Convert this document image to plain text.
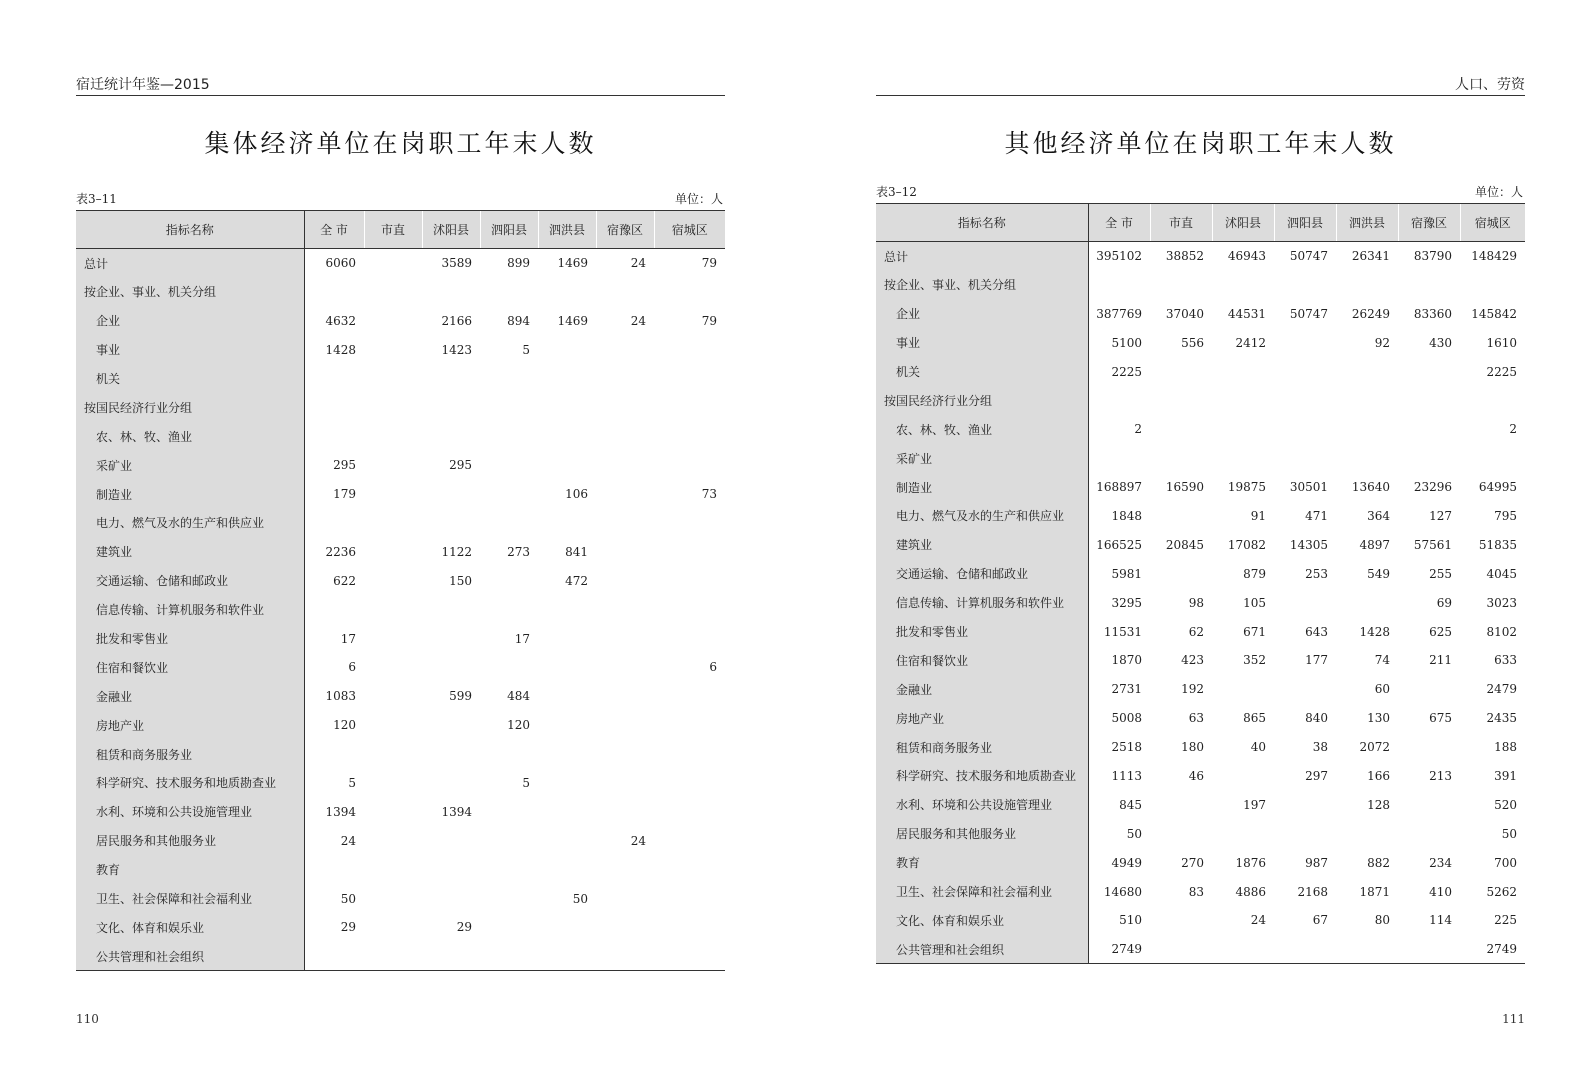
宿迁统计年鉴—2015
集体经济单位在岗职工年末人数
表3–11	单位：人
指标名称	全 市	市直	沭阳县	泗阳县	泗洪县	宿豫区	宿城区
总计	6060		3589	899	1469	24	79
按企业、事业、机关分组							
企业	4632		2166	894	1469	24	79
事业	1428		1423	5			
机关							
按国民经济行业分组							
农、林、牧、渔业							
采矿业	295		295				
制造业	179				106		73
电力、燃气及水的生产和供应业							
建筑业	2236		1122	273	841		
交通运输、仓储和邮政业	622		150		472		
信息传输、计算机服务和软件业							
批发和零售业	17			17			
住宿和餐饮业	6						6
金融业	1083		599	484			
房地产业	120			120			
租赁和商务服务业							
科学研究、技术服务和地质勘查业	5			5			
水利、环境和公共设施管理业	1394		1394				
居民服务和其他服务业	24					24	
教育							
卫生、社会保障和社会福利业	50				50		
文化、体育和娱乐业	29		29				
公共管理和社会组织							
110
人口、劳资
其他经济单位在岗职工年末人数
表3–12	单位：人
指标名称	全 市	市直	沭阳县	泗阳县	泗洪县	宿豫区	宿城区
总计	395102	38852	46943	50747	26341	83790	148429
按企业、事业、机关分组							
企业	387769	37040	44531	50747	26249	83360	145842
事业	5100	556	2412		92	430	1610
机关	2225						2225
按国民经济行业分组							
农、林、牧、渔业	2						2
采矿业							
制造业	168897	16590	19875	30501	13640	23296	64995
电力、燃气及水的生产和供应业	1848		91	471	364	127	795
建筑业	166525	20845	17082	14305	4897	57561	51835
交通运输、仓储和邮政业	5981		879	253	549	255	4045
信息传输、计算机服务和软件业	3295	98	105			69	3023
批发和零售业	11531	62	671	643	1428	625	8102
住宿和餐饮业	1870	423	352	177	74	211	633
金融业	2731	192			60		2479
房地产业	5008	63	865	840	130	675	2435
租赁和商务服务业	2518	180	40	38	2072		188
科学研究、技术服务和地质勘查业	1113	46		297	166	213	391
水利、环境和公共设施管理业	845		197		128		520
居民服务和其他服务业	50						50
教育	4949	270	1876	987	882	234	700
卫生、社会保障和社会福利业	14680	83	4886	2168	1871	410	5262
文化、体育和娱乐业	510		24	67	80	114	225
公共管理和社会组织	2749						2749
111
